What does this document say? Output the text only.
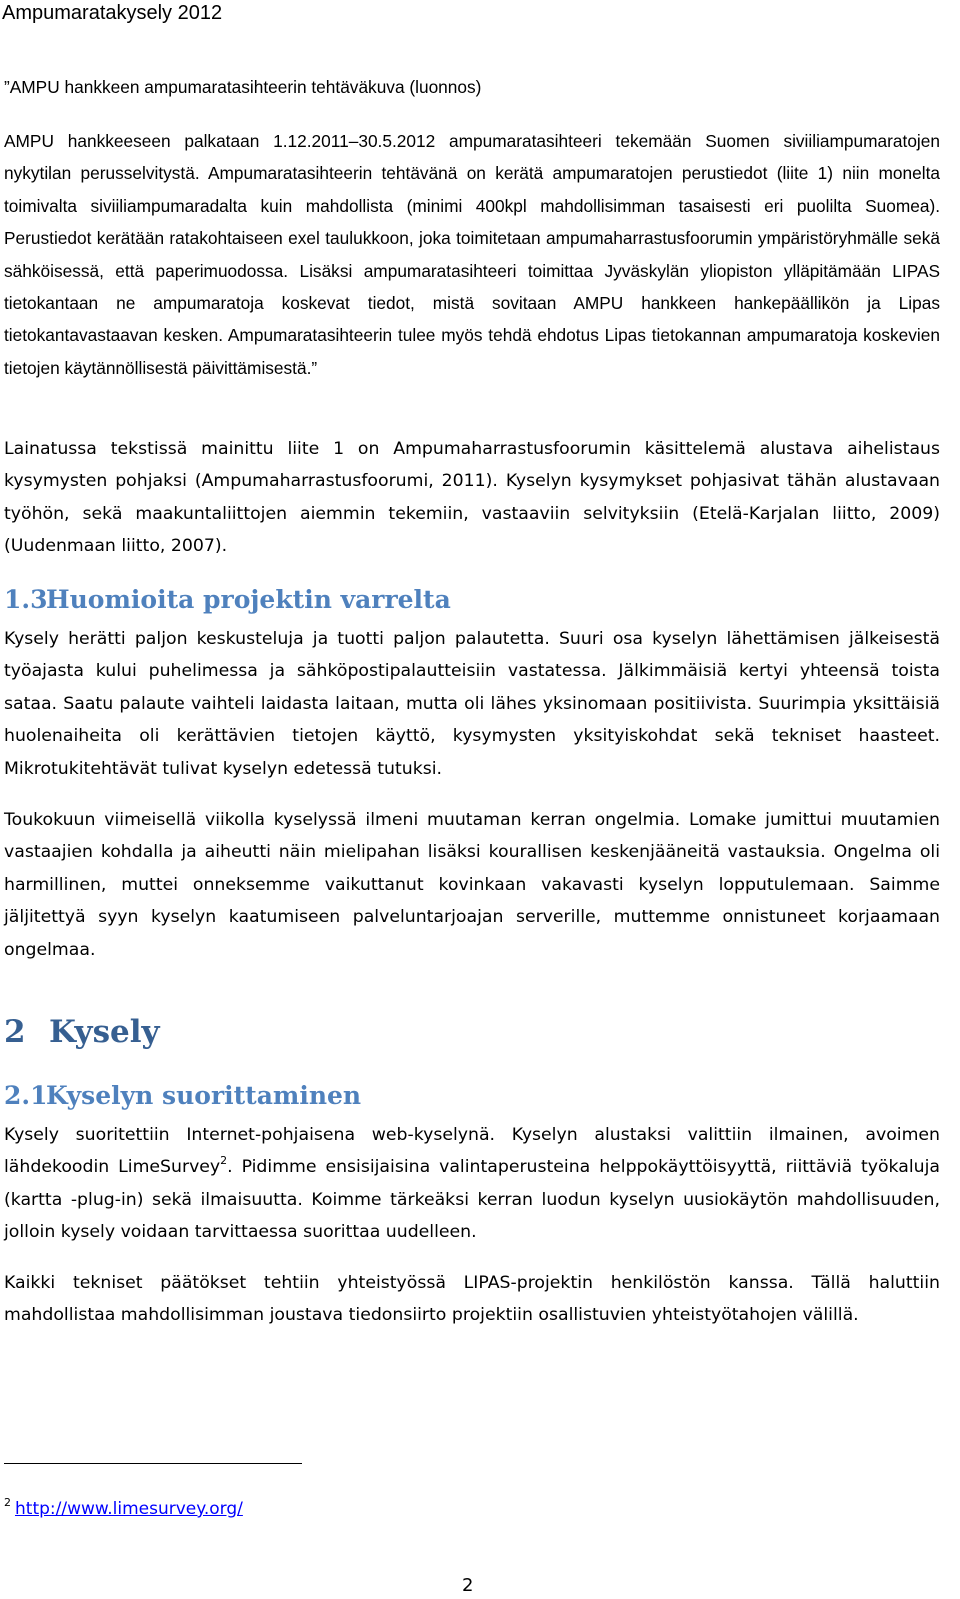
Ampumaratakysely 2012

”AMPU hankkeen ampumaratasihteerin tehtäväkuva (luonnos)

AMPU hankkeeseen palkataan 1.12.2011–30.5.2012 ampumaratasihteeri tekemään Suomen siviiliampumaratojen nykytilan perusselvitystä. Ampumaratasihteerin tehtävänä on kerätä ampumaratojen perustiedot (liite 1) niin monelta toimivalta siviiliampumaradalta kuin mahdollista (minimi 400kpl mahdollisimman tasaisesti eri puolilta Suomea). Perustiedot kerätään ratakohtaiseen exel taulukkoon, joka toimitetaan ampumaharrastusfoorumin ympäristöryhmälle sekä sähköisessä, että paperimuodossa. Lisäksi ampumaratasihteeri toimittaa Jyväskylän yliopiston ylläpitämään LIPAS tietokantaan ne ampumaratoja koskevat tiedot, mistä sovitaan AMPU hankkeen hankepäällikön ja Lipas tietokantavastaavan kesken. Ampumaratasihteerin tulee myös tehdä ehdotus Lipas tietokannan ampumaratoja koskevien tietojen käytännöllisestä päivittämisestä.”

Lainatussa tekstissä mainittu liite 1 on Ampumaharrastusfoorumin käsittelemä alustava aihelistaus kysymysten pohjaksi (Ampumaharrastusfoorumi, 2011). Kyselyn kysymykset pohjasivat tähän alustavaan työhön, sekä maakuntaliittojen aiemmin tekemiin, vastaaviin selvityksiin (Etelä-Karjalan liitto, 2009) (Uudenmaan liitto, 2007).

1.3Huomioita projektin varrelta

Kysely herätti paljon keskusteluja ja tuotti paljon palautetta. Suuri osa kyselyn lähettämisen jälkeisestä työajasta kului puhelimessa ja sähköpostipalautteisiin vastatessa. Jälkimmäisiä kertyi yhteensä toista sataa. Saatu palaute vaihteli laidasta laitaan, mutta oli lähes yksinomaan positiivista. Suurimpia yksittäisiä huolenaiheita oli kerättävien tietojen käyttö, kysymysten yksityiskohdat sekä tekniset haasteet. Mikrotukitehtävät tulivat kyselyn edetessä tutuksi.

Toukokuun viimeisellä viikolla kyselyssä ilmeni muutaman kerran ongelmia. Lomake jumittui muutamien vastaajien kohdalla ja aiheutti näin mielipahan lisäksi kourallisen keskenjääneitä vastauksia. Ongelma oli harmillinen, muttei onneksemme vaikuttanut kovinkaan vakavasti kyselyn lopputulemaan. Saimme jäljitettyä syyn kyselyn kaatumiseen palveluntarjoajan serverille, muttemme onnistuneet korjaamaan ongelmaa.

2 Kysely
2.1Kyselyn suorittaminen

Kysely suoritettiin Internet-pohjaisena web-kyselynä. Kyselyn alustaksi valittiin ilmainen, avoimen lähdekoodin LimeSurvey$^2$. Pidimme ensisijaisina valintaperusteina helppokäyttöisyyttä, riittäviä työkaluja (kartta -plug-in) sekä ilmaisuutta. Koimme tärkeäksi kerran luodun kyselyn uusiokäytön mahdollisuuden, jolloin kysely voidaan tarvittaessa suorittaa uudelleen.

Kaikki tekniset päätökset tehtiin yhteistyössä LIPAS-projektin henkilöstön kanssa. Tällä haluttiin mahdollistaa mahdollisimman joustava tiedonsiirto projektiin osallistuvien yhteistyötahojen välillä.

$^2$ http://www.limesurvey.org/
2
